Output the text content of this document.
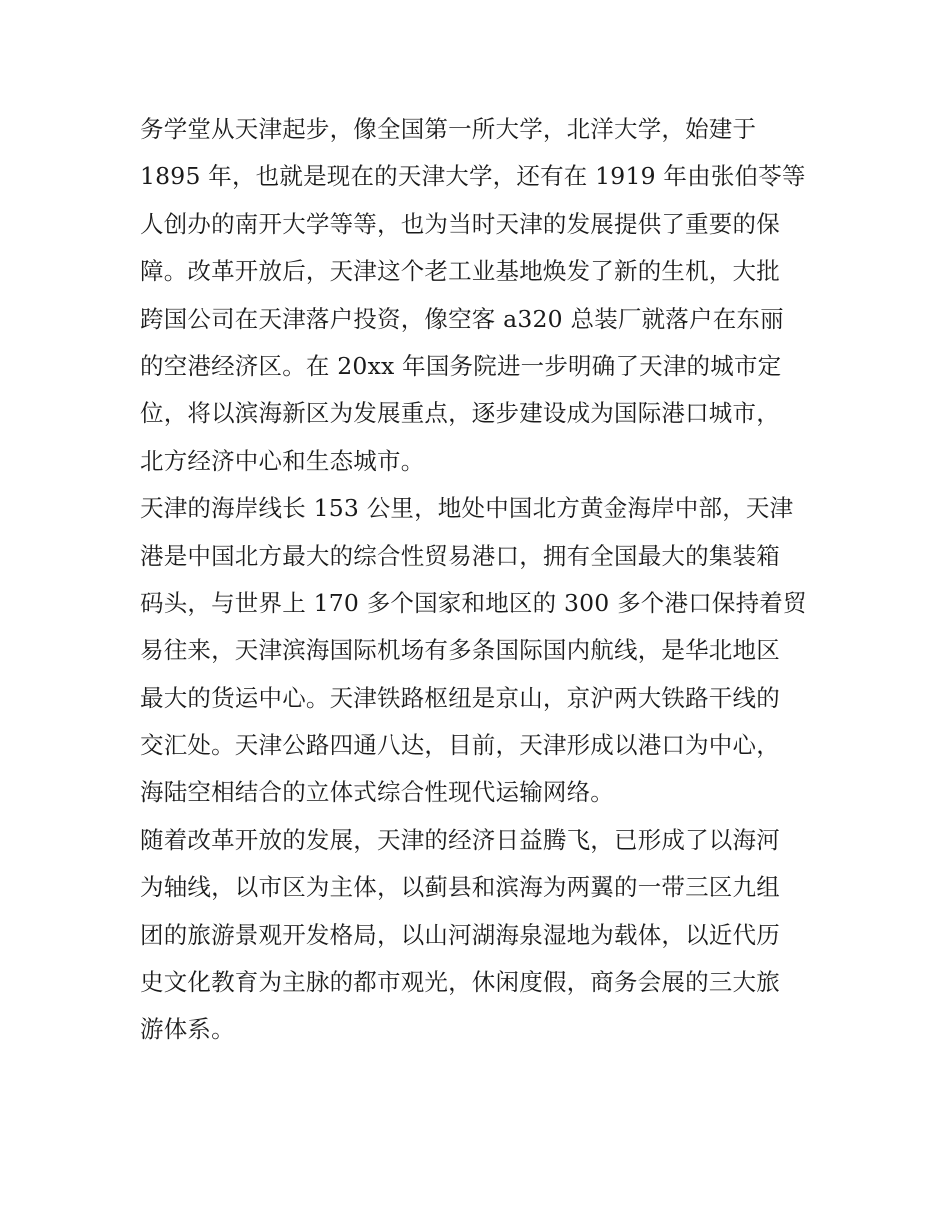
务学堂从天津起步，像全国第一所大学，北洋大学，始建于
1895 年，也就是现在的天津大学，还有在 1919 年由张伯苓等
人创办的南开大学等等，也为当时天津的发展提供了重要的保
障。改革开放后，天津这个老工业基地焕发了新的生机，大批
跨国公司在天津落户投资，像空客 a320 总装厂就落户在东丽
的空港经济区。在 20xx 年国务院进一步明确了天津的城市定
位，将以滨海新区为发展重点，逐步建设成为国际港口城市，
北方经济中心和生态城市。
天津的海岸线长 153 公里，地处中国北方黄金海岸中部，天津
港是中国北方最大的综合性贸易港口，拥有全国最大的集装箱
码头，与世界上 170 多个国家和地区的 300 多个港口保持着贸
易往来，天津滨海国际机场有多条国际国内航线，是华北地区
最大的货运中心。天津铁路枢纽是京山，京沪两大铁路干线的
交汇处。天津公路四通八达，目前，天津形成以港口为中心，
海陆空相结合的立体式综合性现代运输网络。
随着改革开放的发展，天津的经济日益腾飞，已形成了以海河
为轴线，以市区为主体，以蓟县和滨海为两翼的一带三区九组
团的旅游景观开发格局，以山河湖海泉湿地为载体，以近代历
史文化教育为主脉的都市观光，休闲度假，商务会展的三大旅
游体系。
